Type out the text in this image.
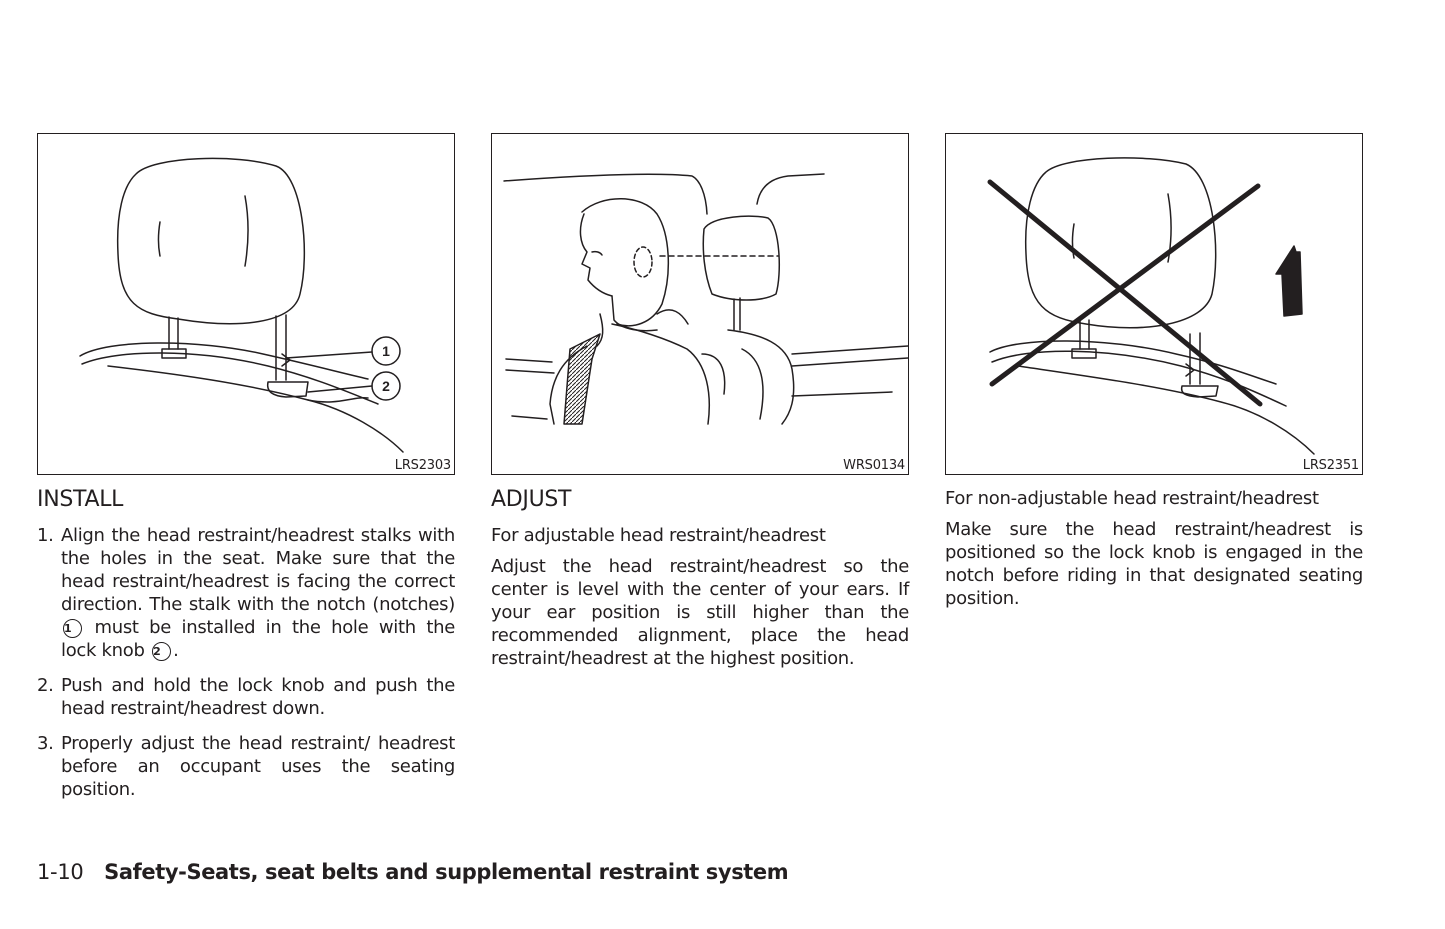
1
2
LRS2303
INSTALL
1. Align the head restraint/headrest stalks with the holes in the seat. Make sure that the head restraint/headrest is facing the correct direction. The stalk with the notch (notches) 1 must be installed in the hole with the lock knob 2 .
2. Push and hold the lock knob and push the head restraint/headrest down.
3. Properly adjust the head restraint/ headrest before an occupant uses the seating position.
WRS0134
ADJUST

For adjustable head restraint/headrest

Adjust the head restraint/headrest so the center is level with the center of your ears. If your ear position is still higher than the recommended alignment, place the head restraint/headrest at the highest position.

LRS2351

For non-adjustable head restraint/headrest

Make sure the head restraint/headrest is positioned so the lock knob is engaged in the notch before riding in that designated seating position.

1-10 Safety-Seats, seat belts and supplemental restraint system
